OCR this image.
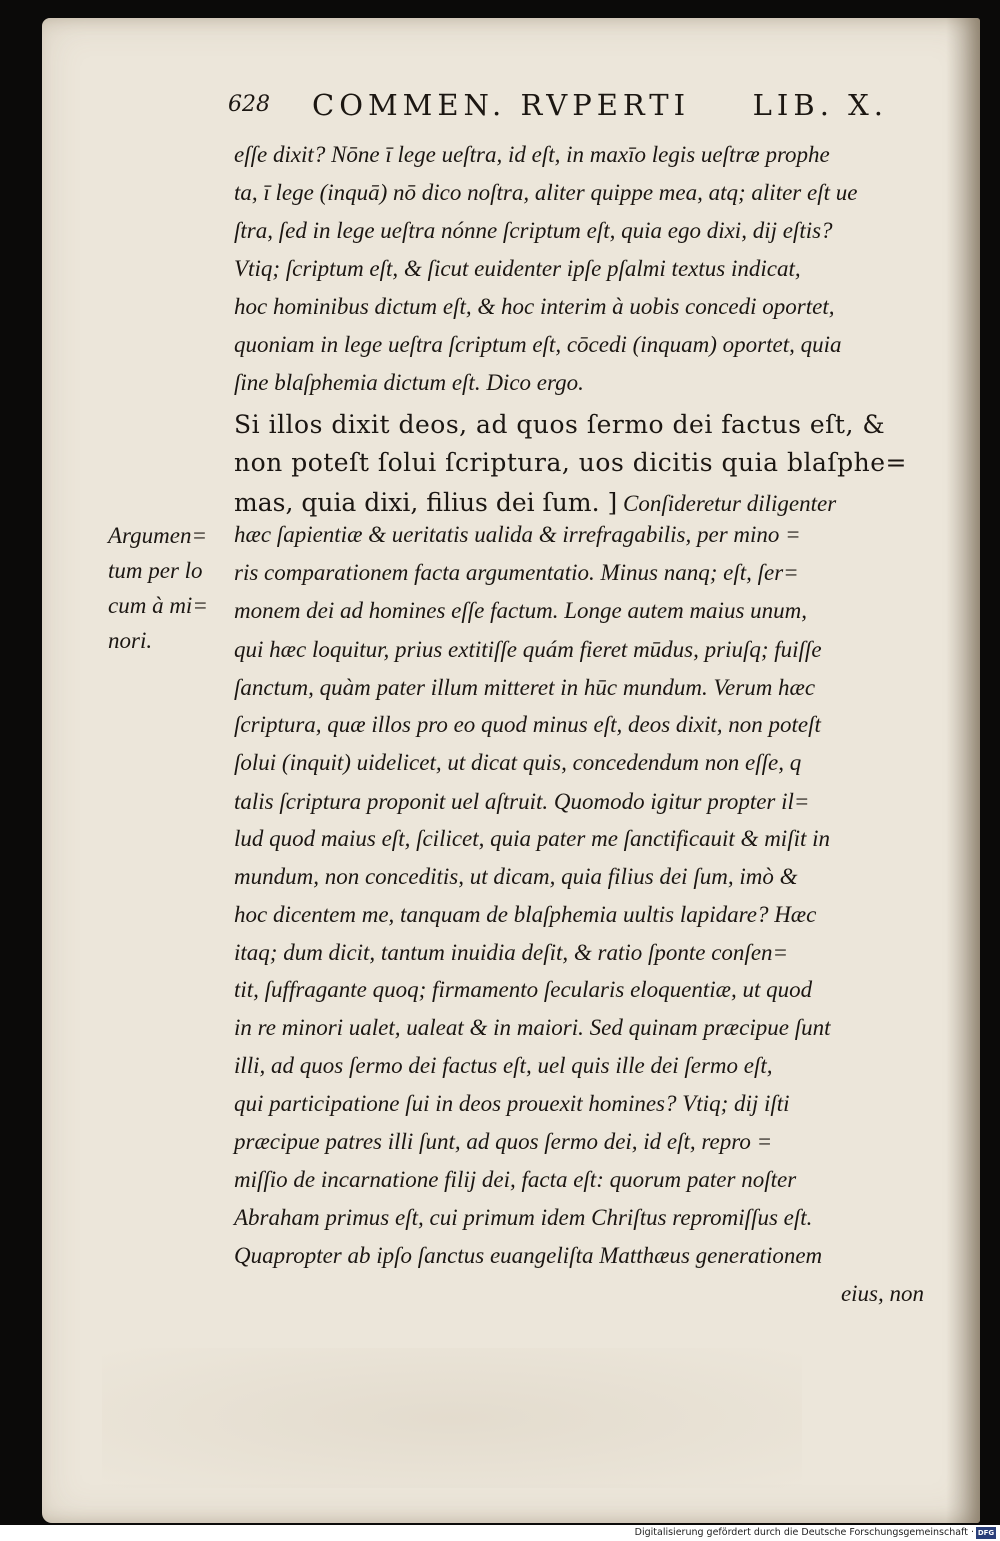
628 COMMEN. RVPERTI LIB. X.
Argumen=
tum per lo
cum à mi=
nori.
eſſe dixit? Nōne ī lege ueſtra, id eſt, in maxīo legis ueſtræ prophe
ta, ī lege (inquā) nō dico noſtra, aliter quippe mea, atq; aliter eſt ue
ſtra, ſed in lege ueſtra nónne ſcriptum eſt, quia ego dixi, dij eſtis?
Vtiq; ſcriptum eſt, & ſicut euidenter ipſe pſalmi textus indicat,
hoc hominibus dictum eſt, & hoc interim à uobis concedi oportet,
quoniam in lege ueſtra ſcriptum eſt, cōcedi (inquam) oportet, quia
ſine blaſphemia dictum eſt. Dico ergo.
Si illos dixit deos, ad quos ſermo dei factus eſt, &
non poteſt ſolui ſcriptura, uos dicitis quia blaſphe=
mas, quia dixi, filius dei ſum. ] Conſideretur diligenter
hæc ſapientiæ & ueritatis ualida & irrefragabilis, per mino =
ris comparationem facta argumentatio. Minus nanq; eſt, ſer=
monem dei ad homines eſſe factum. Longe autem maius unum,
qui hæc loquitur, prius extitiſſe quám fieret mūdus, priuſq; fuiſſe
ſanctum, quàm pater illum mitteret in hūc mundum. Verum hæc
ſcriptura, quæ illos pro eo quod minus eſt, deos dixit, non poteſt
ſolui (inquit) uidelicet, ut dicat quis, concedendum non eſſe, q
talis ſcriptura proponit uel aſtruit. Quomodo igitur propter il=
lud quod maius eſt, ſcilicet, quia pater me ſanctificauit & miſit in
mundum, non conceditis, ut dicam, quia filius dei ſum, imò &
hoc dicentem me, tanquam de blaſphemia uultis lapidare? Hæc
itaq; dum dicit, tantum inuidia deſit, & ratio ſponte conſen=
tit, ſuffragante quoq; firmamento ſecularis eloquentiæ, ut quod
in re minori ualet, ualeat & in maiori. Sed quinam præcipue ſunt
illi, ad quos ſermo dei factus eſt, uel quis ille dei ſermo eſt,
qui participatione ſui in deos prouexit homines? Vtiq; dij iſti
præcipue patres illi ſunt, ad quos ſermo dei, id eſt, repro =
miſſio de incarnatione filij dei, facta eſt: quorum pater noſter
Abraham primus eſt, cui primum idem Chriſtus repromiſſus eſt.
Quapropter ab ipſo ſanctus euangeliſta Matthæus generationem
eius, non
Digitalisierung gefördert durch die Deutsche Forschungsgemeinschaft · DFG
